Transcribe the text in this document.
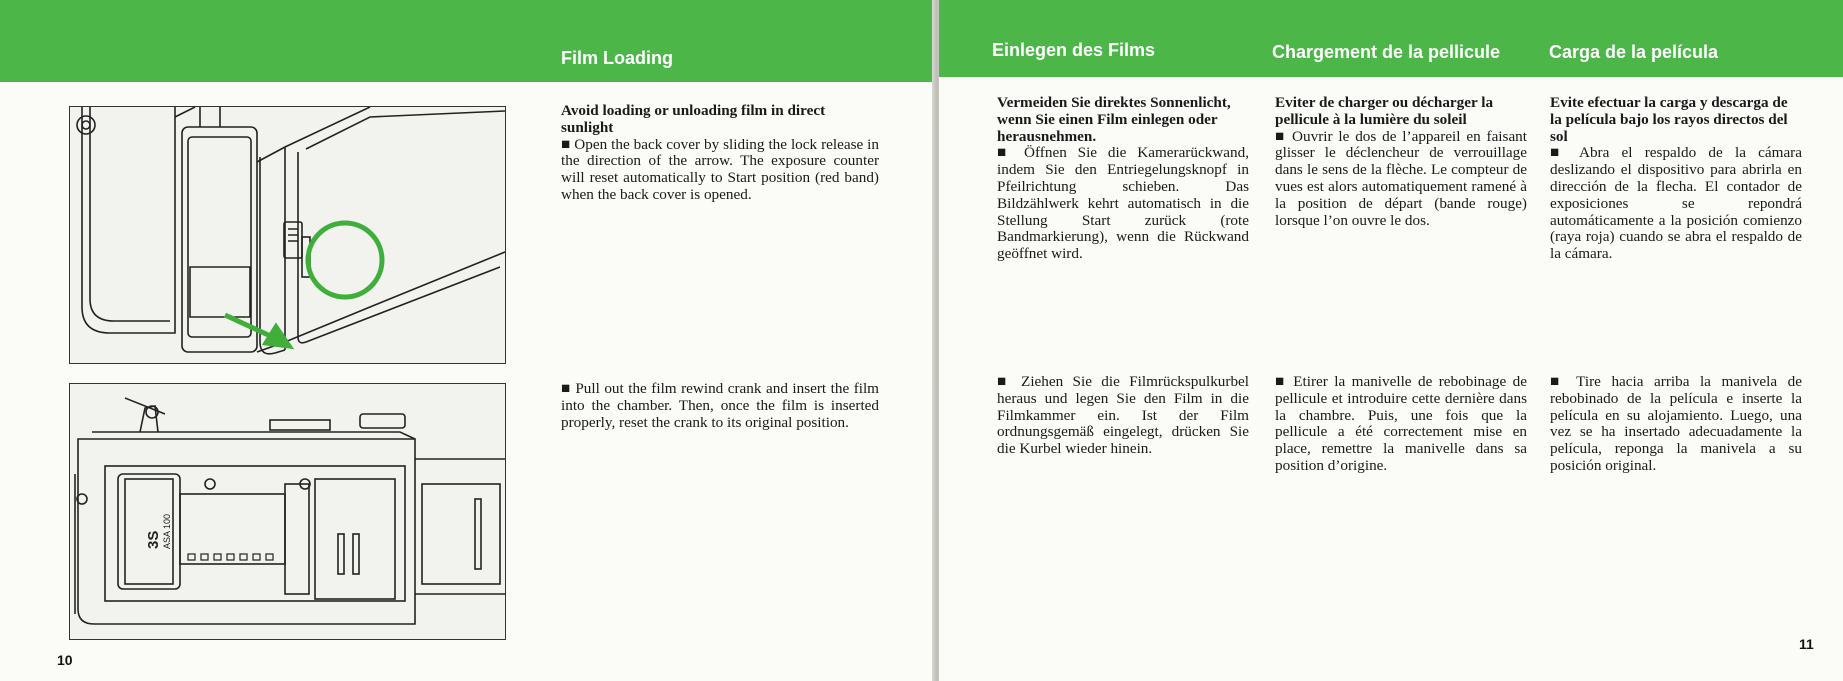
Film Loading
3S ASA 100
Avoid loading or unloading film in direct sunlight
■ Open the back cover by sliding the lock release in the direction of the arrow. The exposure counter will reset automatically to Start position (red band) when the back cover is opened.
■ Pull out the film rewind crank and insert the film into the chamber. Then, once the film is inserted properly, reset the crank to its original position.
10
Einlegen des Films	Chargement de la pellicule	Carga de la película
Vermeiden Sie direktes Sonnenlicht, wenn Sie einen Film einlegen oder herausnehmen.
■ Öffnen Sie die Kamerarückwand, indem Sie den Entriegelungsknopf in Pfeilrichtung schieben. Das Bildzählwerk kehrt automatisch in die Stellung Start zurück (rote Bandmarkierung), wenn die Rückwand geöffnet wird.
■ Ziehen Sie die Filmrückspulkurbel heraus und legen Sie den Film in die Filmkammer ein. Ist der Film ordnungsgemäß eingelegt, drücken Sie die Kurbel wieder hinein.
Eviter de charger ou décharger la pellicule à la lumière du soleil
■ Ouvrir le dos de l’appareil en faisant glisser le déclencheur de verrouillage dans le sens de la flèche. Le compteur de vues est alors automatiquement ramené à la position de départ (bande rouge) lorsque l’on ouvre le dos.
■ Etirer la manivelle de rebobinage de pellicule et introduire cette dernière dans la chambre. Puis, une fois que la pellicule a été correctement mise en place, remettre la manivelle dans sa position d’origine.
Evite efectuar la carga y descarga de la película bajo los rayos directos del sol
■ Abra el respaldo de la cámara deslizando el dispositivo para abrirla en dirección de la flecha. El contador de exposiciones se repondrá automáticamente a la posición comienzo (raya roja) cuando se abra el respaldo de la cámara.
■ Tire hacia arriba la manivela de rebobinado de la película e inserte la película en su alojamiento. Luego, una vez se ha insertado adecuadamente la película, reponga la manivela a su posición original.
11
